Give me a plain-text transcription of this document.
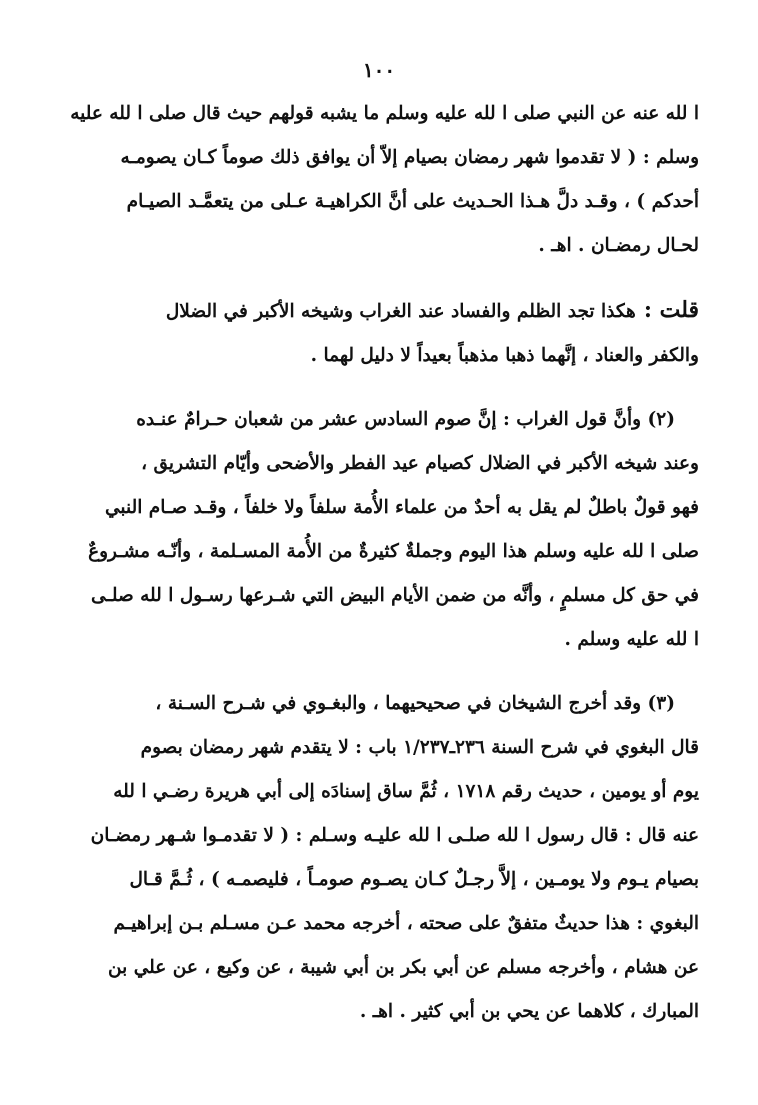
١٠٠
ا لله عنه عن النبي صلى ا لله عليه وسلم ما يشبه قولهم حيث قال صلى ا لله عليه
وسلم : ( لا تقدموا شهر رمضان بصيام إلاّ أن يوافق ذلك صوماً كـان يصومـه
أحدكم ) ، وقـد دلَّ هـذا الحـديث على أنَّ الكراهيـة عـلى من يتعمَّـد الصيـام
لحـال رمضـان . اهـ .
قلت :هكذا تجد الظلم والفساد عند الغراب وشيخه الأكبر في الضلال
والكفر والعناد ، إنَّهما ذهبا مذهباً بعيداً لا دليل لهما .
(٢) وأنَّ قول الغراب : إنَّ صوم السادس عشر من شعبان حـرامٌ عنـده
وعند شيخه الأكبر في الضلال كصيام عيد الفطر والأضحى وأيّام التشريق ،
فهو قولٌ باطلٌ لم يقل به أحدٌ من علماء الأُمة سلفاً ولا خلفاً ، وقـد صـام النبي
صلى ا لله عليه وسلم هذا اليوم وجملةٌ كثيرةٌ من الأُمة المسـلمة ، وأنّـه مشـروعٌ
في حق كل مسلمٍ ، وأنَّه من ضمن الأيام البيض التي شـرعها رسـول ا لله صلـى
ا لله عليه وسلم .
(٣) وقد أخرج الشيخان في صحيحيهما ، والبغـوي في شـرح السـنة ،
قال البغوي في شرح السنة ٢٣٦ـ١/٢٣٧ باب : لا يتقدم شهر رمضان بصوم
يوم أو يومين ، حديث رقم ١٧١٨ ، ثُمَّ ساق إسنادَه إلى أبي هريرة رضـي ا لله
عنه قال : قال رسول ا لله صلـى ا لله عليـه وسـلم : ( لا تقدمـوا شـهر رمضـان
بصيام يـوم ولا يومـين ، إلاَّ رجـلٌ كـان يصـوم صومـاً ، فليصمـه ) ، ثُـمَّ قـال
البغوي : هذا حديثٌ متفقٌ على صحته ، أخرجه محمد عـن مسـلم بـن إبراهيـم
عن هشام ، وأخرجه مسلم عن أبي بكر بن أبي شيبة ، عن وكيع ، عن علي بن
المبارك ، كلاهما عن يحي بن أبي كثير . اهـ .
